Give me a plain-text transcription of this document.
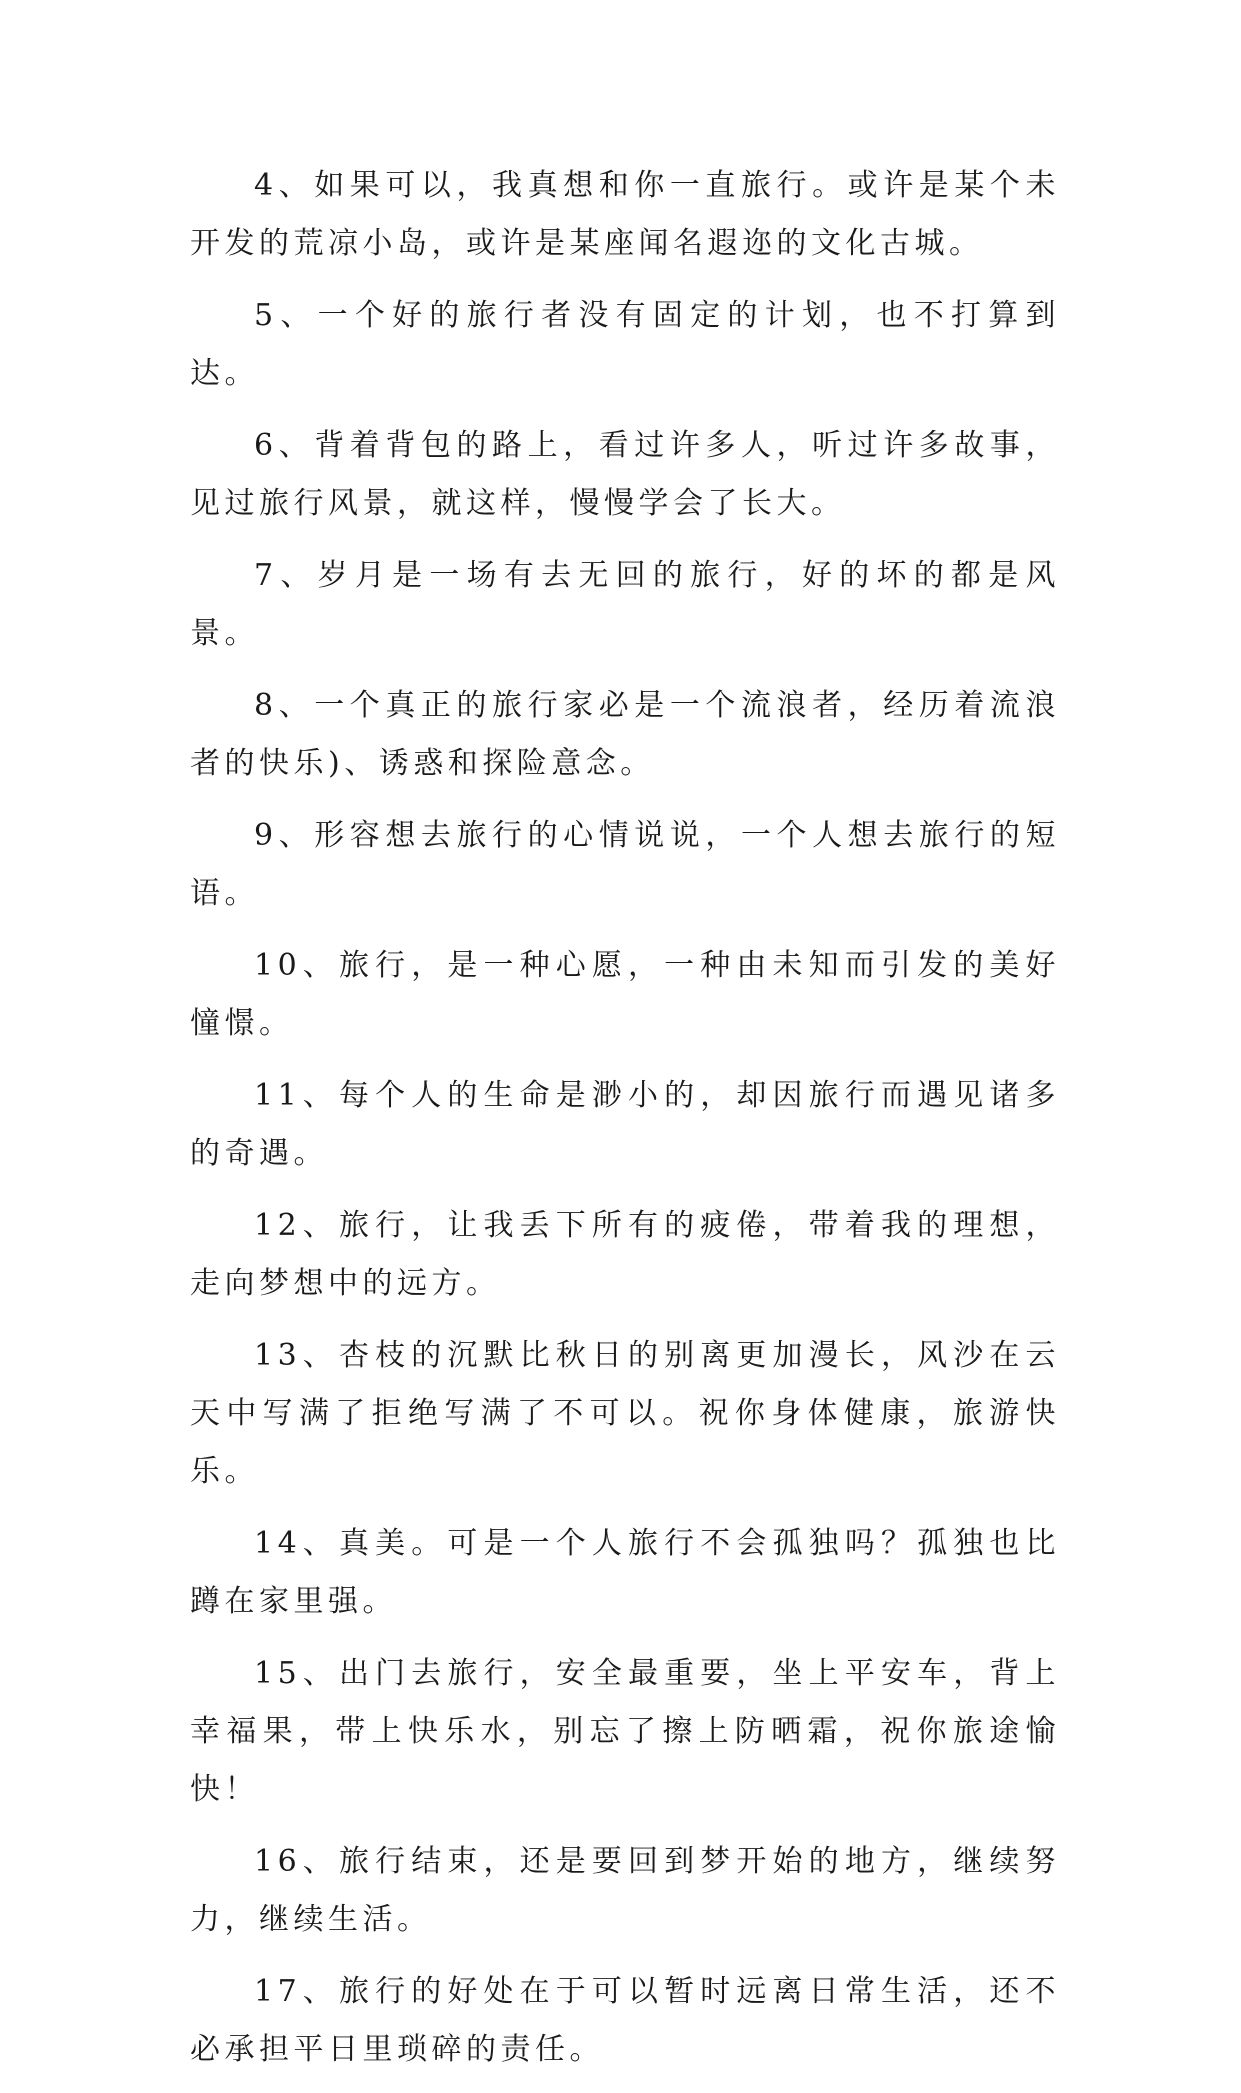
4、如果可以，我真想和你一直旅行。或许是某个未开发的荒凉小岛，或许是某座闻名遐迩的文化古城。

5、一个好的旅行者没有固定的计划，也不打算到达。

6、背着背包的路上，看过许多人，听过许多故事，见过旅行风景，就这样，慢慢学会了长大。

7、岁月是一场有去无回的旅行，好的坏的都是风景。

8、一个真正的旅行家必是一个流浪者，经历着流浪者的快乐)、诱惑和探险意念。

9、形容想去旅行的心情说说，一个人想去旅行的短语。

10、旅行，是一种心愿，一种由未知而引发的美好憧憬。

11、每个人的生命是渺小的，却因旅行而遇见诸多的奇遇。

12、旅行，让我丢下所有的疲倦，带着我的理想，走向梦想中的远方。

13、杏枝的沉默比秋日的别离更加漫长，风沙在云天中写满了拒绝写满了不可以。祝你身体健康，旅游快乐。

14、真美。可是一个人旅行不会孤独吗？孤独也比蹲在家里强。

15、出门去旅行，安全最重要，坐上平安车，背上幸福果，带上快乐水，别忘了擦上防晒霜，祝你旅途愉快！

16、旅行结束，还是要回到梦开始的地方，继续努力，继续生活。

17、旅行的好处在于可以暂时远离日常生活，还不必承担平日里琐碎的责任。
